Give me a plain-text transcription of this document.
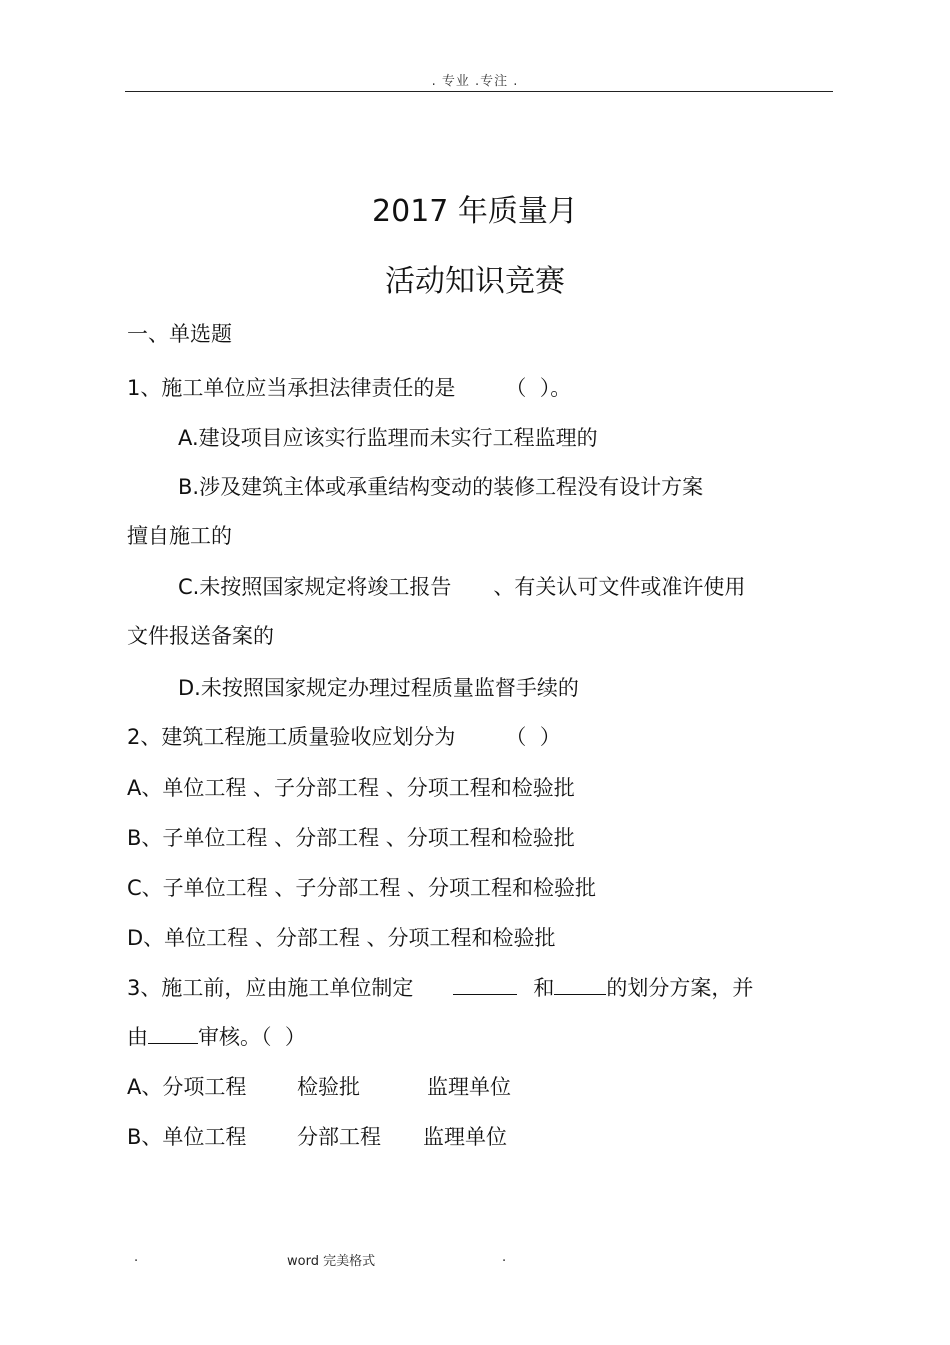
. 专业 .专注 .
2017 年质量月
活动知识竞赛
一、单选题
1、施工单位应当承担法律责任的是 （  ）。
A.建设项目应该实行监理而未实行工程监理的
B.涉及建筑主体或承重结构变动的装修工程没有设计方案
擅自施工的
C.未按照国家规定将竣工报告 、有关认可文件或准许使用
文件报送备案的
D.未按照国家规定办理过程质量监督手续的
2、建筑工程施工质量验收应划分为 （  ）
A、单位工程 、子分部工程 、分项工程和检验批
B、子单位工程 、分部工程 、分项工程和检验批
C、子单位工程 、子分部工程 、分项工程和检验批
D、单位工程 、分部工程 、分项工程和检验批
3、施工前，应由施工单位制定	和 的划分方案，并
由 审核。（  ）
A、分项工程 检验批	监理单位
B、单位工程 分部工程 监理单位
.	word 完美格式	.
